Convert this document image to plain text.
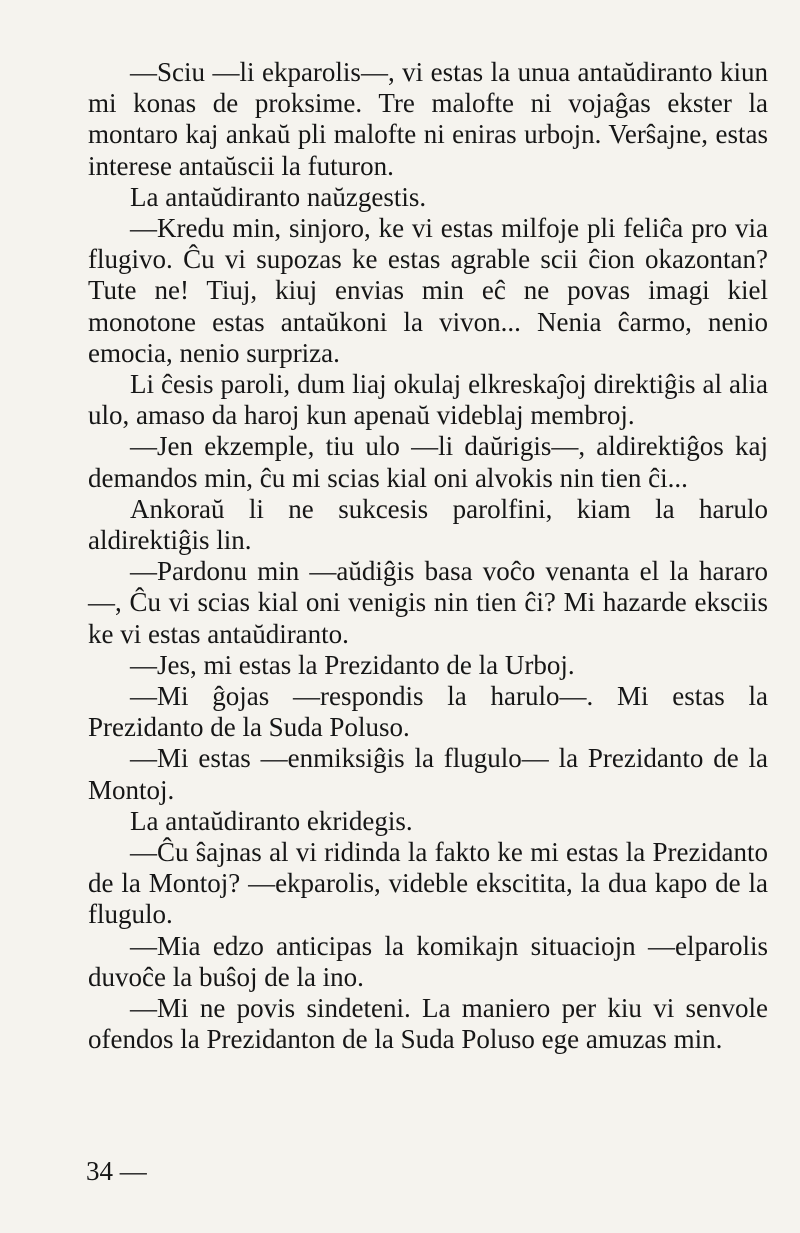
—Sciu —li ekparolis—, vi estas la unua antaŭdiranto kiun mi konas de proksime. Tre malofte ni vojaĝas ekster la montaro kaj ankaŭ pli malofte ni eniras urbojn. Verŝajne, estas interese antaŭscii la futuron.

La antaŭdiranto naŭzgestis.

—Kredu min, sinjoro, ke vi estas milfoje pli feliĉa pro via flugivo. Ĉu vi supozas ke estas agrable scii ĉion okazontan? Tute ne! Tiuj, kiuj envias min eĉ ne povas imagi kiel monotone estas antaŭkoni la vivon... Nenia ĉarmo, nenio emocia, nenio surpriza.

Li ĉesis paroli, dum liaj okulaj elkreskaĵoj direktiĝis al alia ulo, amaso da haroj kun apenaŭ videblaj membroj.

—Jen ekzemple, tiu ulo —li daŭrigis—, aldirektiĝos kaj demandos min, ĉu mi scias kial oni alvokis nin tien ĉi...

Ankoraŭ li ne sukcesis parolfini, kiam la harulo aldirektiĝis lin.

—Pardonu min —aŭdiĝis basa voĉo venanta el la hararo—, Ĉu vi scias kial oni venigis nin tien ĉi? Mi hazarde eksciis ke vi estas antaŭdiranto.

—Jes, mi estas la Prezidanto de la Urboj.

—Mi ĝojas —respondis la harulo—. Mi estas la Prezidanto de la Suda Poluso.

—Mi estas —enmiksiĝis la flugulo— la Prezidanto de la Montoj.

La antaŭdiranto ekridegis.

—Ĉu ŝajnas al vi ridinda la fakto ke mi estas la Prezidanto de la Montoj? —ekparolis, videble ekscitita, la dua kapo de la flugulo.

—Mia edzo anticipas la komikajn situaciojn —elparolis duvoĉe la buŝoj de la ino.

—Mi ne povis sindeteni. La maniero per kiu vi senvole ofendos la Prezidanton de la Suda Poluso ege amuzas min.

34 —
